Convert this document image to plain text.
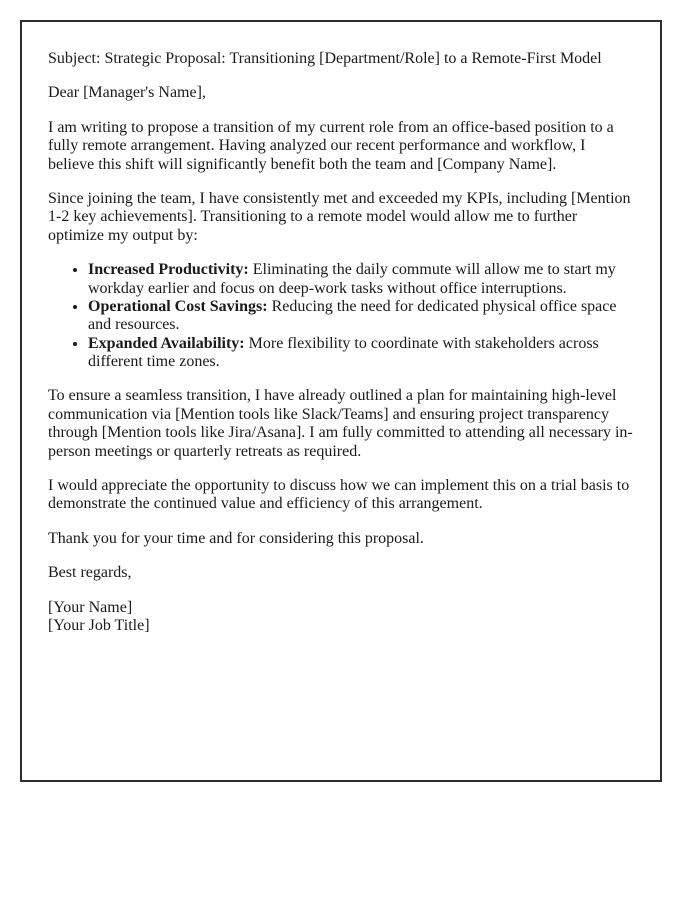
Subject: Strategic Proposal: Transitioning [Department/Role] to a Remote-First Model

Dear [Manager's Name],

I am writing to propose a transition of my current role from an office-based position to a fully remote arrangement. Having analyzed our recent performance and workflow, I believe this shift will significantly benefit both the team and [Company Name].

Since joining the team, I have consistently met and exceeded my KPIs, including [Mention 1-2 key achievements]. Transitioning to a remote model would allow me to further optimize my output by:

• Increased Productivity: Eliminating the daily commute will allow me to start my workday earlier and focus on deep-work tasks without office interruptions.
• Operational Cost Savings: Reducing the need for dedicated physical office space and resources.
• Expanded Availability: More flexibility to coordinate with stakeholders across different time zones.

To ensure a seamless transition, I have already outlined a plan for maintaining high-level communication via [Mention tools like Slack/Teams] and ensuring project transparency through [Mention tools like Jira/Asana]. I am fully committed to attending all necessary in-person meetings or quarterly retreats as required.

I would appreciate the opportunity to discuss how we can implement this on a trial basis to demonstrate the continued value and efficiency of this arrangement.

Thank you for your time and for considering this proposal.

Best regards,

[Your Name]
[Your Job Title]
